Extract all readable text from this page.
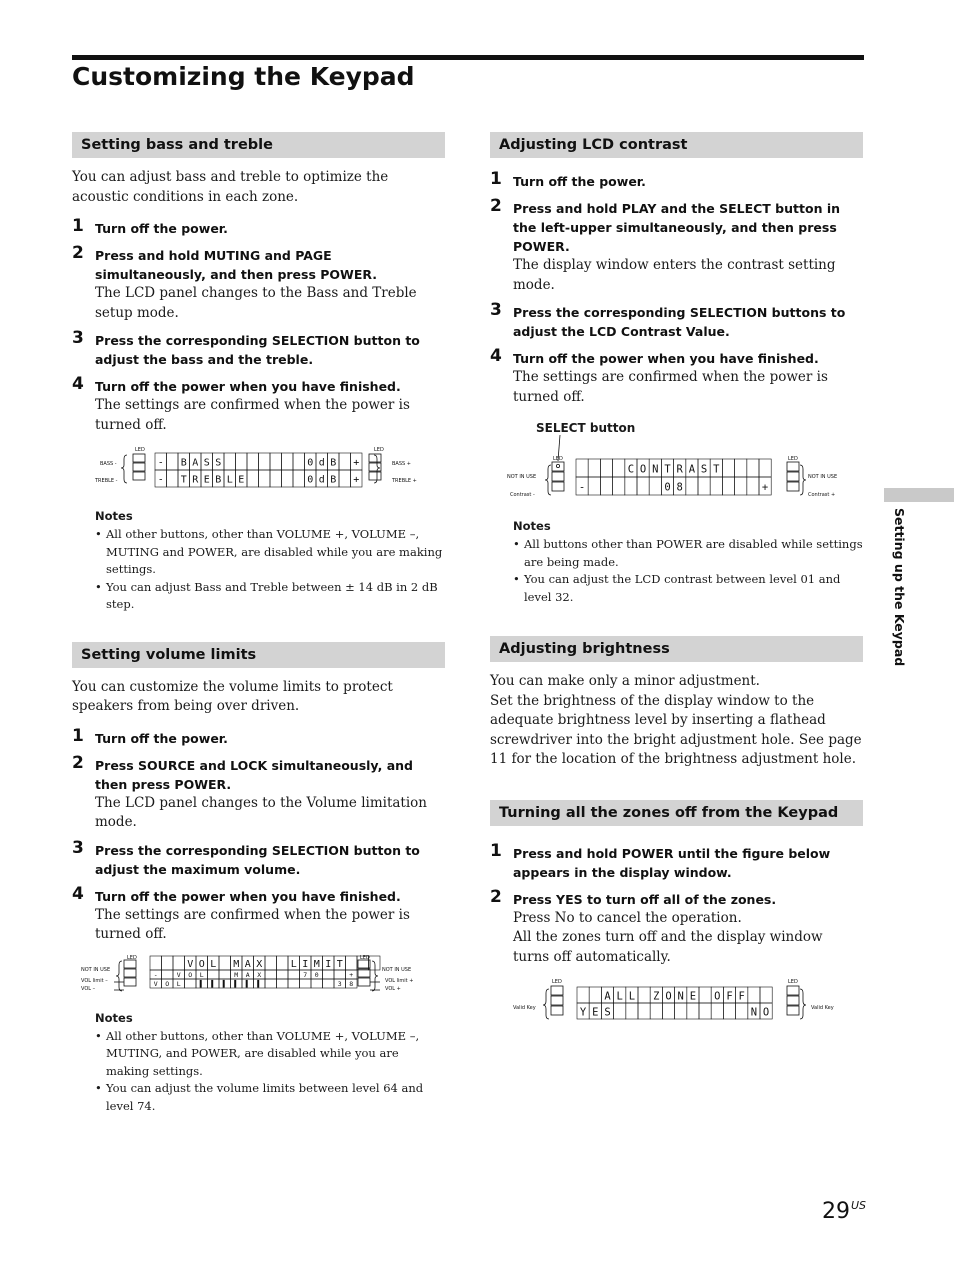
Customizing the Keypad
Setting bass and treble
You can adjust bass and treble to optimize the acoustic conditions in each zone.
1 Turn off the power.
2 Press and hold MUTING and PAGE simultaneously, and then press POWER.
The LCD panel changes to the Bass and Treble setup mode.
3 Press the corresponding SELECTION button to adjust the bass and the treble.
4 Turn off the power when you have finished.
The settings are confirmed when the power is turned off.
LED	LED
BASS -
TREBLE -
BASS +
TREBLE +
- B A S S	0 d B +
- T R E B L E	0 d B +
Notes
• All other buttons, other than VOLUME +, VOLUME –, MUTING and POWER, are disabled while you are making settings.
• You can adjust Bass and Treble between ± 14 dB in 2 dB step.
Setting volume limits
You can customize the volume limits to protect speakers from being over driven.
1 Turn off the power.
2 Press SOURCE and LOCK simultaneously, and then press POWER.
The LCD panel changes to the Volume limitation mode.
3 Press the corresponding SELECTION button to adjust the maximum volume.
4 Turn off the power when you have finished.
The settings are confirmed when the power is turned off.
LED	LED
NOT IN USE
VOL limit –
VOL –
NOT IN USE
VOL limit +
VOL +
V O L M A X	L I M I T
-	V O L	M A X	7 0	+
V O L	▌ ▌ ▌ ▌ ▌ ▌	3 8
Notes
• All other buttons, other than VOLUME +, VOLUME –, MUTING, and POWER, are disabled while you are making settings.
• You can adjust the volume limits between level 64 and level 74.
Adjusting LCD contrast
1 Turn off the power.
2 Press and hold PLAY and the SELECT button in the left-upper simultaneously, and then press POWER.
The display window enters the contrast setting mode.
3 Press the corresponding SELECTION buttons to adjust the LCD Contrast Value.
4 Turn off the power when you have finished.
The settings are confirmed when the power is turned off.
SELECT button
LED	LED
NOT IN USE
Contrast -
NOT IN USE
Contrast +
C O N T R A S T
-	0 8	+
Notes
• All buttons other than POWER are disabled while settings are being made.
• You can adjust the LCD contrast between level 01 and level 32.
Adjusting brightness
You can make only a minor adjustment.
Set the brightness of the display window to the adequate brightness level by inserting a flathead screwdriver into the bright adjustment hole. See page 11 for the location of the brightness adjustment hole.
Turning all the zones off from the Keypad
1 Press and hold POWER until the figure below appears in the display window.
2 Press YES to turn off all of the zones.
Press No to cancel the operation.
All the zones turn off and the display window turns off automatically.
LED	LED
Valid Key	Valid Key
A L L Z O N E O F F
Y E S	N O
Setting up the Keypad
$29^{US}$
